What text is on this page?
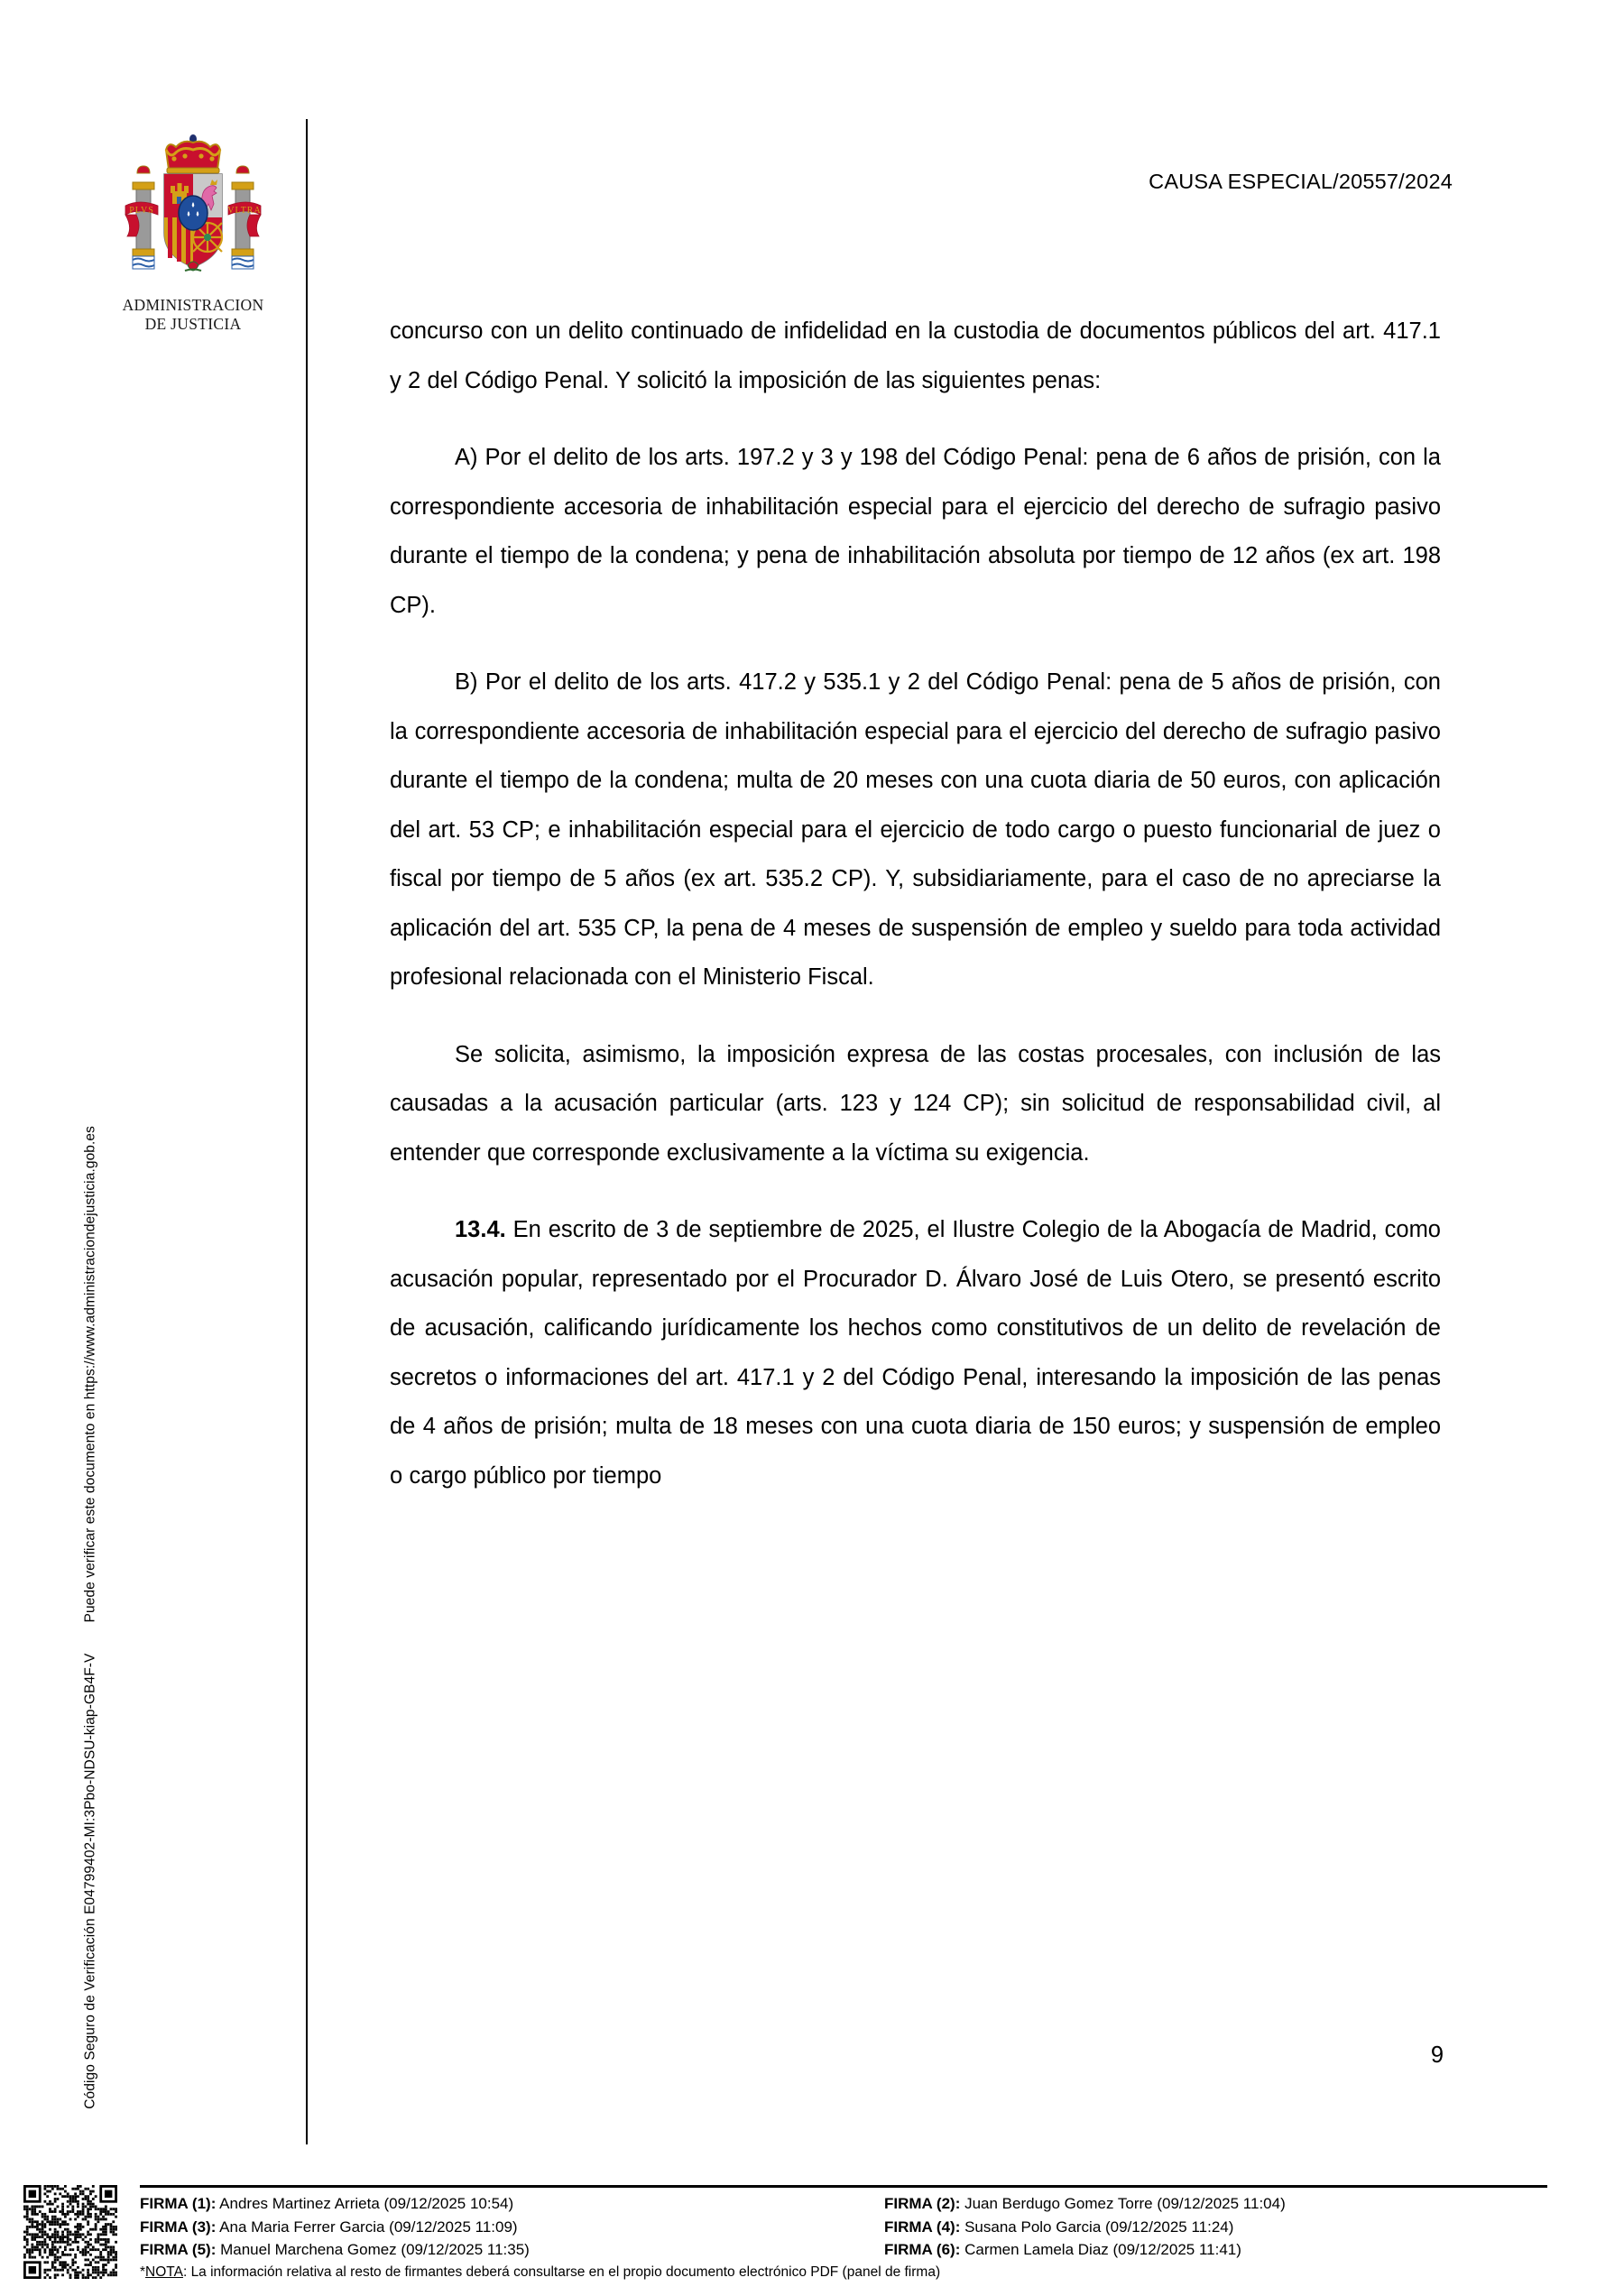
Código Seguro de Verificación E04799402-MI:3Pbo-NDSU-kiap-GB4F-VPuede verificar este documento en https://www.administraciondejusticia.gob.es
PLVS	VLTRA
ADMINISTRACION
DE JUSTICIA
CAUSA ESPECIAL/20557/2024

concurso con un delito continuado de infidelidad en la custodia de documentos públicos del art. 417.1 y 2 del Código Penal. Y solicitó la imposición de las siguientes penas:

A) Por el delito de los arts. 197.2 y 3 y 198 del Código Penal: pena de 6 años de prisión, con la correspondiente accesoria de inhabilitación especial para el ejercicio del derecho de sufragio pasivo durante el tiempo de la condena; y pena de inhabilitación absoluta por tiempo de 12 años (ex art. 198 CP).

B) Por el delito de los arts. 417.2 y 535.1 y 2 del Código Penal: pena de 5 años de prisión, con la correspondiente accesoria de inhabilitación especial para el ejercicio del derecho de sufragio pasivo durante el tiempo de la condena; multa de 20 meses con una cuota diaria de 50 euros, con aplicación del art. 53 CP; e inhabilitación especial para el ejercicio de todo cargo o puesto funcionarial de juez o fiscal por tiempo de 5 años (ex art. 535.2 CP). Y, subsidiariamente, para el caso de no apreciarse la aplicación del art. 535 CP, la pena de 4 meses de suspensión de empleo y sueldo para toda actividad profesional relacionada con el Ministerio Fiscal.

Se solicita, asimismo, la imposición expresa de las costas procesales, con inclusión de las causadas a la acusación particular (arts. 123 y 124 CP); sin solicitud de responsabilidad civil, al entender que corresponde exclusivamente a la víctima su exigencia.

13.4. En escrito de 3 de septiembre de 2025, el Ilustre Colegio de la Abogacía de Madrid, como acusación popular, representado por el Procurador D. Álvaro José de Luis Otero, se presentó escrito de acusación, calificando jurídicamente los hechos como constitutivos de un delito de revelación de secretos o informaciones del art. 417.1 y 2 del Código Penal, interesando la imposición de las penas de 4 años de prisión; multa de 18 meses con una cuota diaria de 150 euros; y suspensión de empleo o cargo público por tiempo

9
FIRMA (1): Andres Martinez Arrieta (09/12/2025 10:54)	FIRMA (2): Juan Berdugo Gomez Torre (09/12/2025 11:04)
FIRMA (3): Ana Maria Ferrer Garcia (09/12/2025 11:09)	FIRMA (4): Susana Polo Garcia (09/12/2025 11:24)
FIRMA (5): Manuel Marchena Gomez (09/12/2025 11:35)	FIRMA (6): Carmen Lamela Diaz (09/12/2025 11:41)
*NOTA: La información relativa al resto de firmantes deberá consultarse en el propio documento electrónico PDF (panel de firma)
